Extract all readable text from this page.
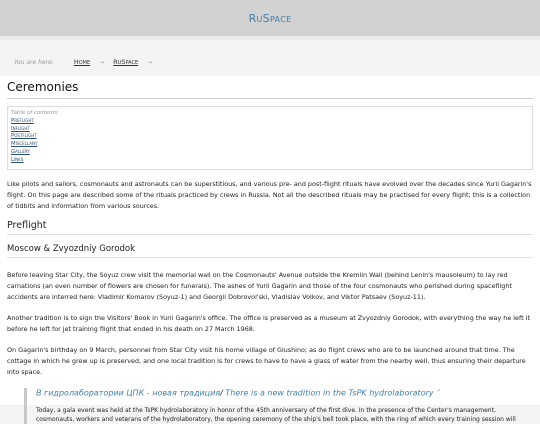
RuSpace
You are here:	Home → RuSpace →
Ceremonies
Table of contents:
Preflight
Inflight
Postflight
Miscellany
Gallery
Links

Like pilots and sailors, cosmonauts and astronauts can be superstitious, and various pre- and post-flight rituals have evolved over the decades since Yurii Gagarin's flight. On this page are described some of the rituals practiced by crews in Russia. Not all the described rituals may be practised for every flight; this is a collection of tidbits and information from various sources.

Preflight
Moscow & Zvyozdniy Gorodok

Before leaving Star City, the Soyuz crew visit the memorial wall on the Cosmonauts' Avenue outside the Kremlin Wall (behind Lenin's mausoleum) to lay red carnations (an even number of flowers are chosen for funerals). The ashes of Yurii Gagarin and those of the four cosmonauts who perished during spaceflight accidents are interred here: Vladimir Komarov (Soyuz-1) and Georgii Dobrovol'ski, Vladislav Volkov, and Viktor Patsaev (Soyuz-11).

Another tradition is to sign the Visitors' Book in Yurii Gagarin's office. The office is preserved as a museum at Zvyozdniy Gorodok, with everything the way he left it before he left for jet training flight that ended in his death on 27 March 1968.

On Gagarin's birthday on 9 March, personnel from Star City visit his home village of Glushino; as do flight crews who are to be launched around that time. The cottage in which he grew up is preserved, and one local tradition is for crews to have to have a glass of water from the nearby well, thus ensuring their departure into space.

В гидролаборатории ЦПК - новая традиция/ There is a new tradition in the TsPK hydrolaboratory ↗

Today, a gala event was held at the TsPK hydrolaboratory in honor of the 45th anniversary of the first dive. In the presence of the Center's management, cosmonauts, workers and veterans of the hydrolaboratory, the opening ceremony of the ship's bell took place, with the ring of which every training session will
